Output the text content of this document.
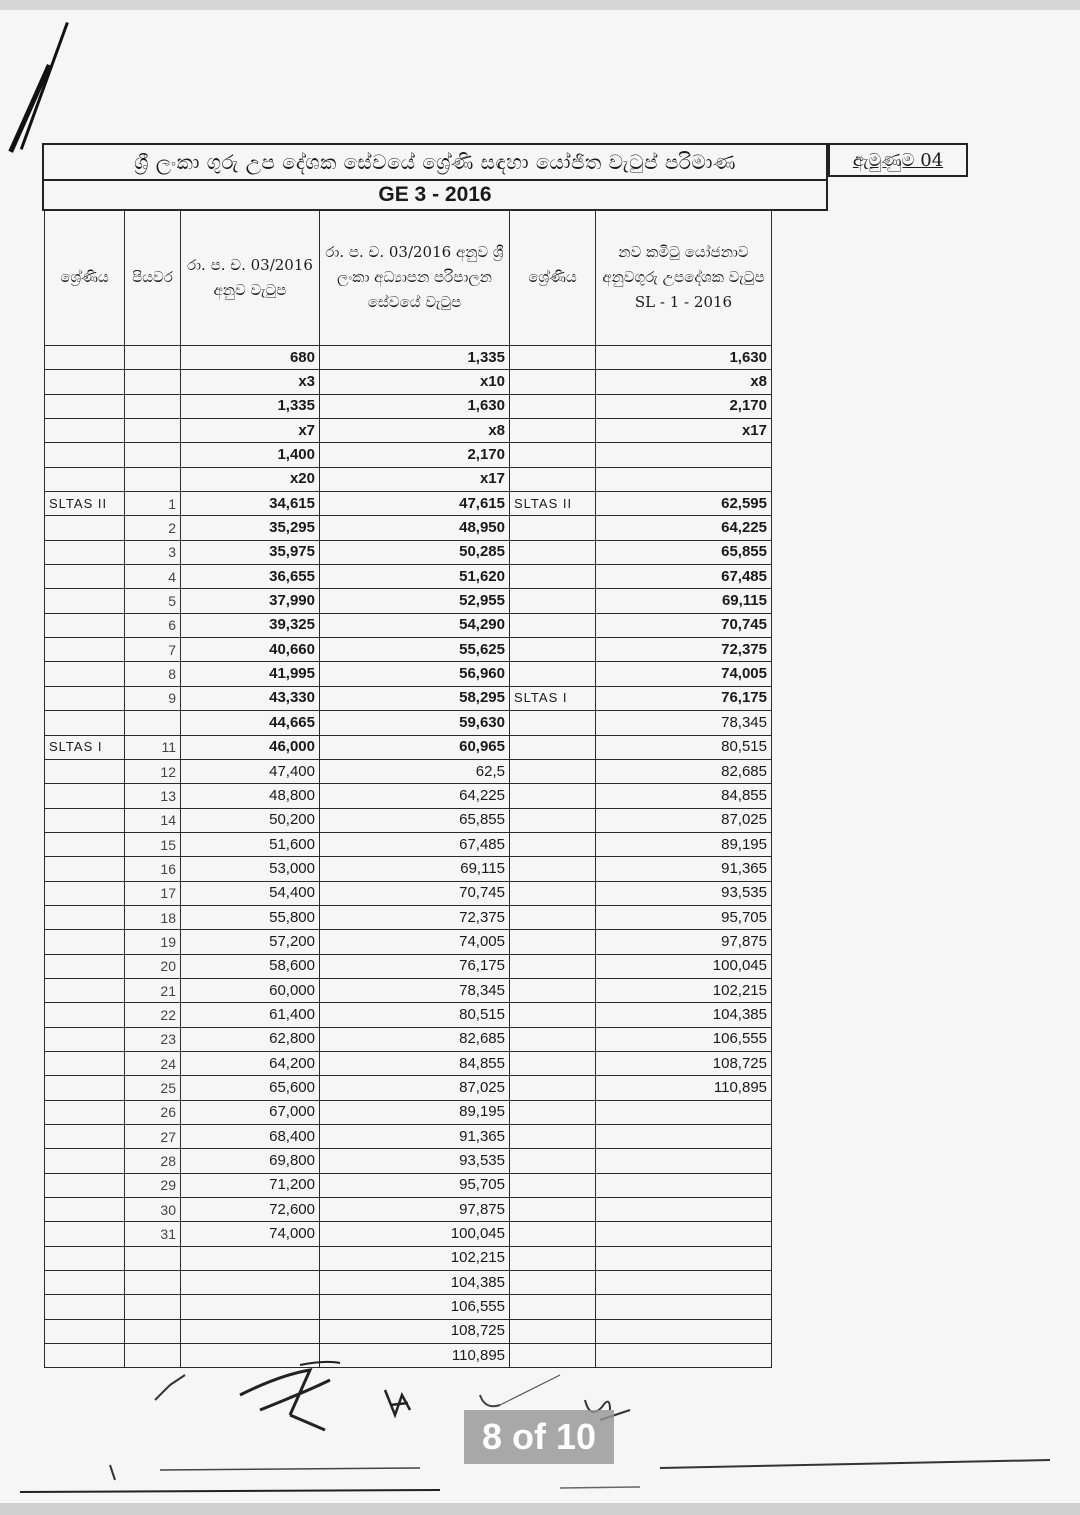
ශ්‍රී ලංකා ගුරු උප දේශක සේවයේ ශ්‍රේණි සඳහා යෝජිත වැටුප් පරිමාණ	ඇමුණුම 04
GE 3 - 2016
ශ්‍රේණිය	පියවර	රා. ප. ච. 03/2016 අනුව වැටුප	රා. ප. ච. 03/2016 අනුව ශ්‍රී ලංකා අධ්‍යාපන පරිපාලන සේවයේ වැටුප	ශ්‍රේණිය	නව කමිටු යෝජනාව අනුවගුරු උපදේශක වැටුප SL - 1 - 2016
		680	1,335		1,630
		x3	x10		x8
		1,335	1,630		2,170
		x7	x8		x17
		1,400	2,170		
		x20	x17		
SLTAS II	1	34,615	47,615	SLTAS II	62,595
	2	35,295	48,950		64,225
	3	35,975	50,285		65,855
	4	36,655	51,620		67,485
	5	37,990	52,955		69,115
	6	39,325	54,290		70,745
	7	40,660	55,625		72,375
	8	41,995	56,960		74,005
	9	43,330	58,295	SLTAS I	76,175
		44,665	59,630		78,345
SLTAS I	11	46,000	60,965		80,515
	12	47,400	62,5		82,685
	13	48,800	64,225		84,855
	14	50,200	65,855		87,025
	15	51,600	67,485		89,195
	16	53,000	69,115		91,365
	17	54,400	70,745		93,535
	18	55,800	72,375		95,705
	19	57,200	74,005		97,875
	20	58,600	76,175		100,045
	21	60,000	78,345		102,215
	22	61,400	80,515		104,385
	23	62,800	82,685		106,555
	24	64,200	84,855		108,725
	25	65,600	87,025		110,895
	26	67,000	89,195		
	27	68,400	91,365		
	28	69,800	93,535		
	29	71,200	95,705		
	30	72,600	97,875		
	31	74,000	100,045		
			102,215		
			104,385		
			106,555		
			108,725		
			110,895		
8 of 10
